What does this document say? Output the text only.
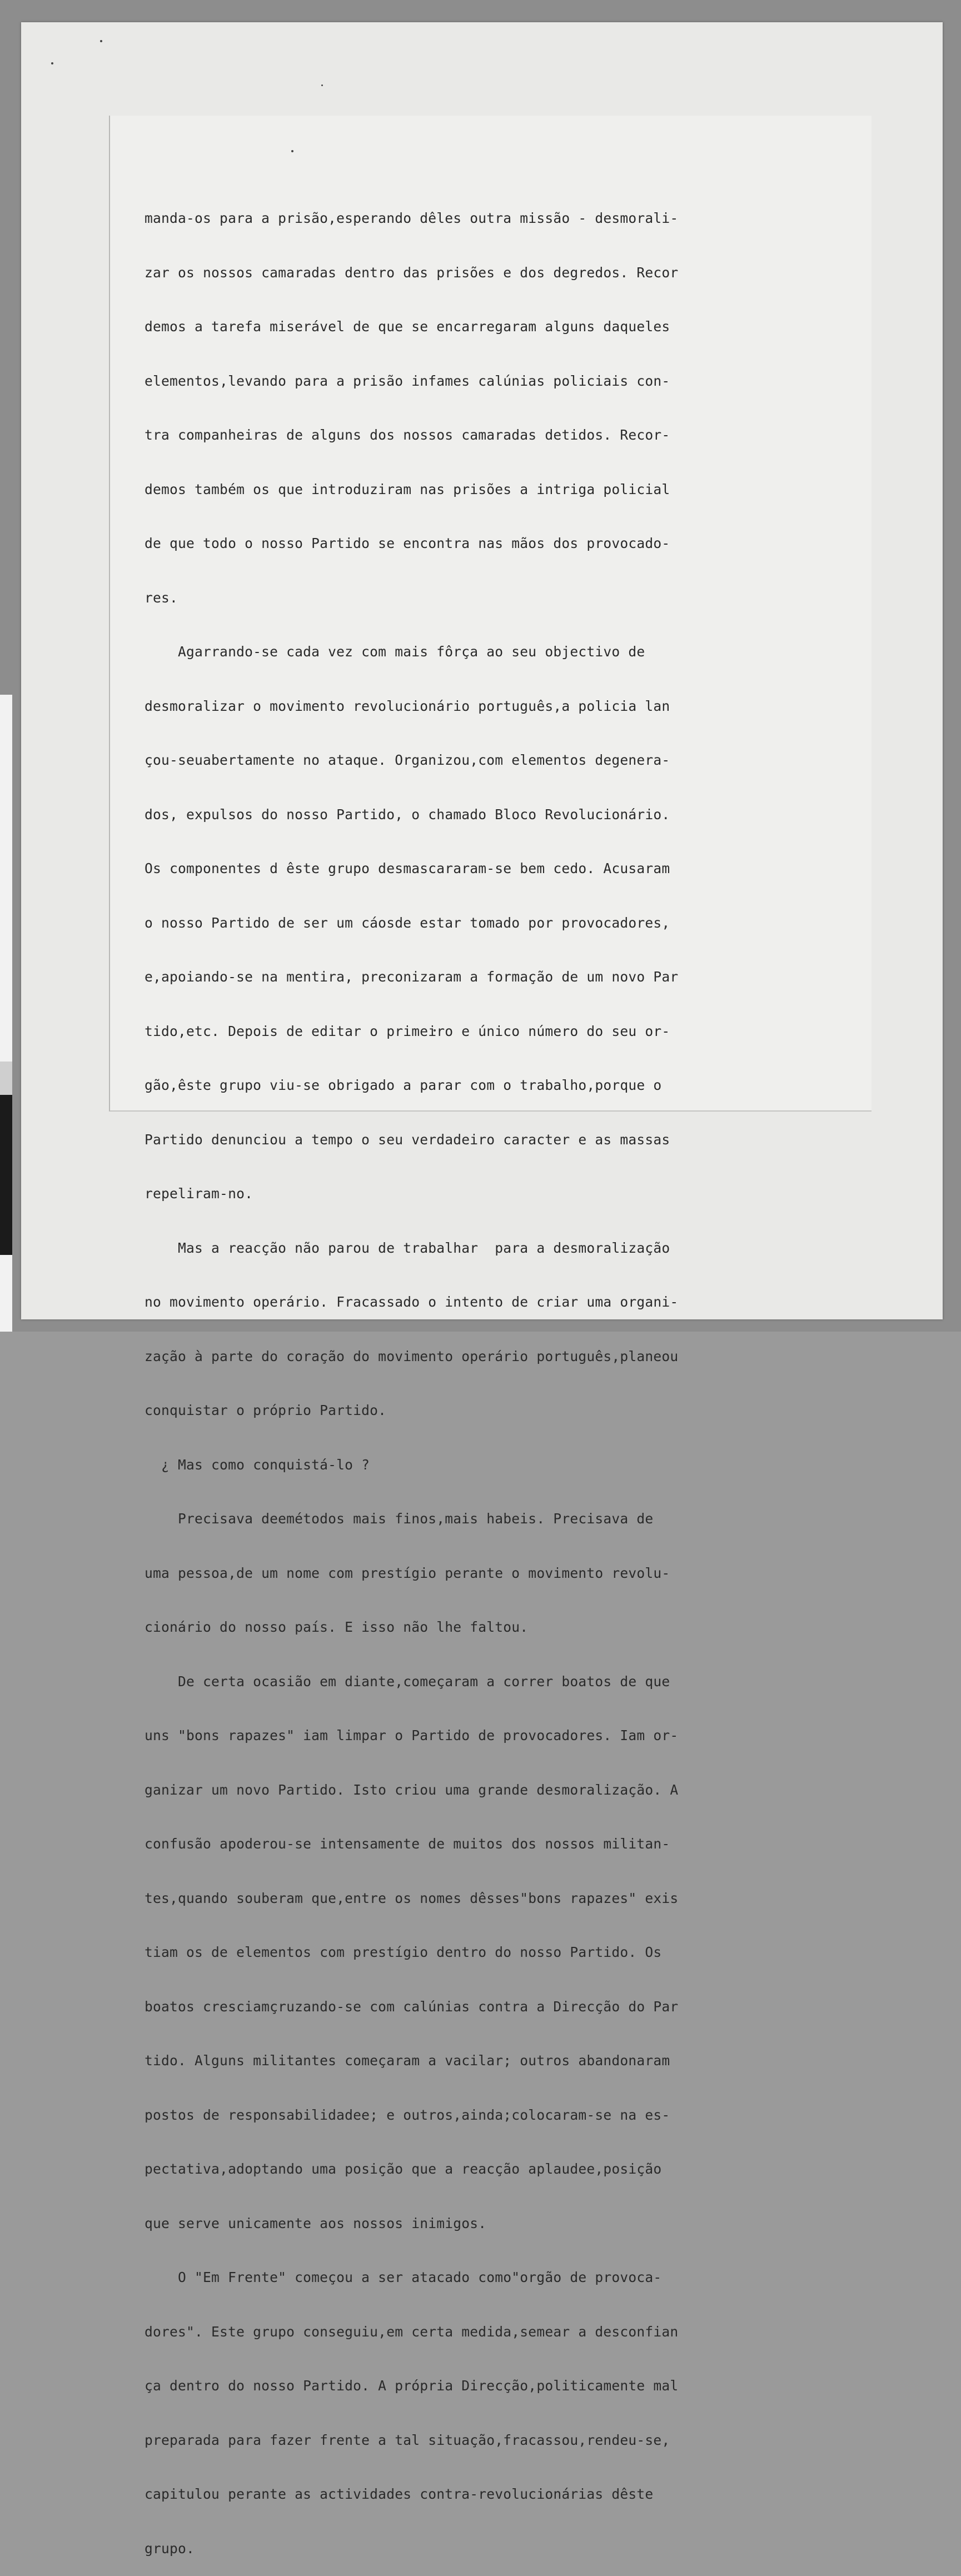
manda-os para a prisão,esperando dêles outra missão - desmorali-

zar os nossos camaradas dentro das prisões e dos degredos. Recor

demos a tarefa miserável de que se encarregaram alguns daqueles

elementos,levando para a prisão infames calúnias policiais con-

tra companheiras de alguns dos nossos camaradas detidos. Recor-

demos também os que introduziram nas prisões a intriga policial

de que todo o nosso Partido se encontra nas mãos dos provocado-

res.

Agarrando-se cada vez com mais fôrça ao seu objectivo de

desmoralizar o movimento revolucionário português,a policia lan

çou-seuabertamente no ataque. Organizou,com elementos degenera-

dos, expulsos do nosso Partido, o chamado Bloco Revolucionário.

Os componentes d êste grupo desmascararam-se bem cedo. Acusaram

o nosso Partido de ser um cáosde estar tomado por provocadores,

e,apoiando-se na mentira, preconizaram a formação de um novo Par

tido,etc. Depois de editar o primeiro e único número do seu or-

gão,êste grupo viu-se obrigado a parar com o trabalho,porque o

Partido denunciou a tempo o seu verdadeiro caracter e as massas

repeliram-no.

Mas a reacção não parou de trabalhar  para a desmoralização

no movimento operário. Fracassado o intento de criar uma organi-

zação à parte do coração do movimento operário português,planeou

conquistar o próprio Partido.

¿ Mas como conquistá-lo ?

Precisava deemétodos mais finos,mais habeis. Precisava de

uma pessoa,de um nome com prestígio perante o movimento revolu-

cionário do nosso país. E isso não lhe faltou.

De certa ocasião em diante,começaram a correr boatos de que

uns "bons rapazes" iam limpar o Partido de provocadores. Iam or-

ganizar um novo Partido. Isto criou uma grande desmoralização. A

confusão apoderou-se intensamente de muitos dos nossos militan-

tes,quando souberam que,entre os nomes dêsses"bons rapazes" exis

tiam os de elementos com prestígio dentro do nosso Partido. Os

boatos cresciamçruzando-se com calúnias contra a Direcção do Par

tido. Alguns militantes começaram a vacilar; outros abandonaram

postos de responsabilidadee; e outros,ainda;colocaram-se na es-

pectativa,adoptando uma posição que a reacção aplaudee,posição

que serve unicamente aos nossos inimigos.

O "Em Frente" começou a ser atacado como"orgão de provoca-

dores". Este grupo conseguiu,em certa medida,semear a desconfian

ça dentro do nosso Partido. A própria Direcção,politicamente mal

preparada para fazer frente a tal situação,fracassou,rendeu-se,

capitulou perante as actividades contra-revolucionárias dêste

grupo.
